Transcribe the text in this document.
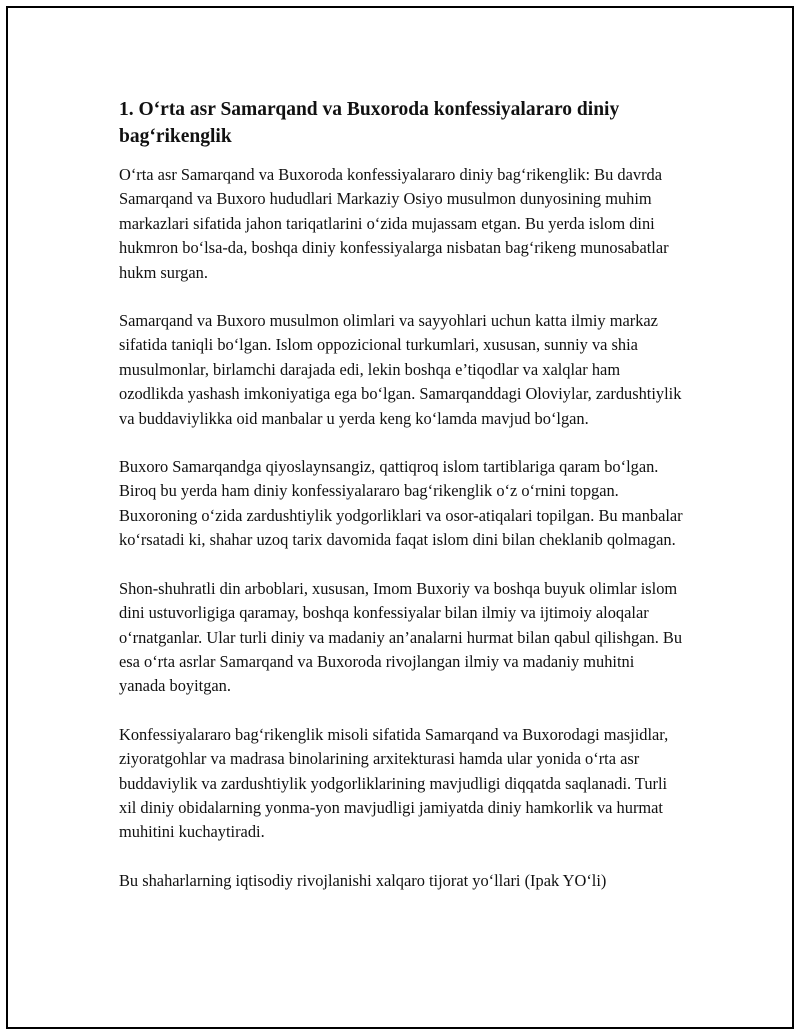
1. O‘rta asr Samarqand va Buxoroda konfessiyalararo diniy bag‘rikenglik

O‘rta asr Samarqand va Buxoroda konfessiyalararo diniy bag‘rikenglik: Bu davrda Samarqand va Buxoro hududlari Markaziy Osiyo musulmon dunyosining muhim markazlari sifatida jahon tariqatlarini o‘zida mujassam etgan. Bu yerda islom dini hukmron bo‘lsa-da, boshqa diniy konfessiyalarga nisbatan bag‘rikeng munosabatlar hukm surgan.

Samarqand va Buxoro musulmon olimlari va sayyohlari uchun katta ilmiy markaz sifatida taniqli bo‘lgan. Islom oppozicional turkumlari, xususan, sunniy va shia musulmonlar, birlamchi darajada edi, lekin boshqa e’tiqodlar va xalqlar ham ozodlikda yashash imkoniyatiga ega bo‘lgan. Samarqanddagi Oloviylar, zardushtiylik va buddaviylikka oid manbalar u yerda keng ko‘lamda mavjud bo‘lgan.

Buxoro Samarqandga qiyoslaynsangiz, qattiqroq islom tartiblariga qaram bo‘lgan. Biroq bu yerda ham diniy konfessiyalararo bag‘rikenglik o‘z o‘rnini topgan. Buxoroning o‘zida zardushtiylik yodgorliklari va osor-atiqalari topilgan. Bu manbalar ko‘rsatadi ki, shahar uzoq tarix davomida faqat islom dini bilan cheklanib qolmagan.

Shon-shuhratli din arboblari, xususan, Imom Buxoriy va boshqa buyuk olimlar islom dini ustuvorligiga qaramay, boshqa konfessiyalar bilan ilmiy va ijtimoiy aloqalar o‘rnatganlar. Ular turli diniy va madaniy an’analarni hurmat bilan qabul qilishgan. Bu esa o‘rta asrlar Samarqand va Buxoroda rivojlangan ilmiy va madaniy muhitni yanada boyitgan.

Konfessiyalararo bag‘rikenglik misoli sifatida Samarqand va Buxorodagi masjidlar, ziyoratgohlar va madrasa binolarining arxitekturasi hamda ular yonida o‘rta asr buddaviylik va zardushtiylik yodgorliklarining mavjudligi diqqatda saqlanadi. Turli xil diniy obidalarning yonma-yon mavjudligi jamiyatda diniy hamkorlik va hurmat muhitini kuchaytiradi.

Bu shaharlarning iqtisodiy rivojlanishi xalqaro tijorat yo‘llari (Ipak YO‘li)
